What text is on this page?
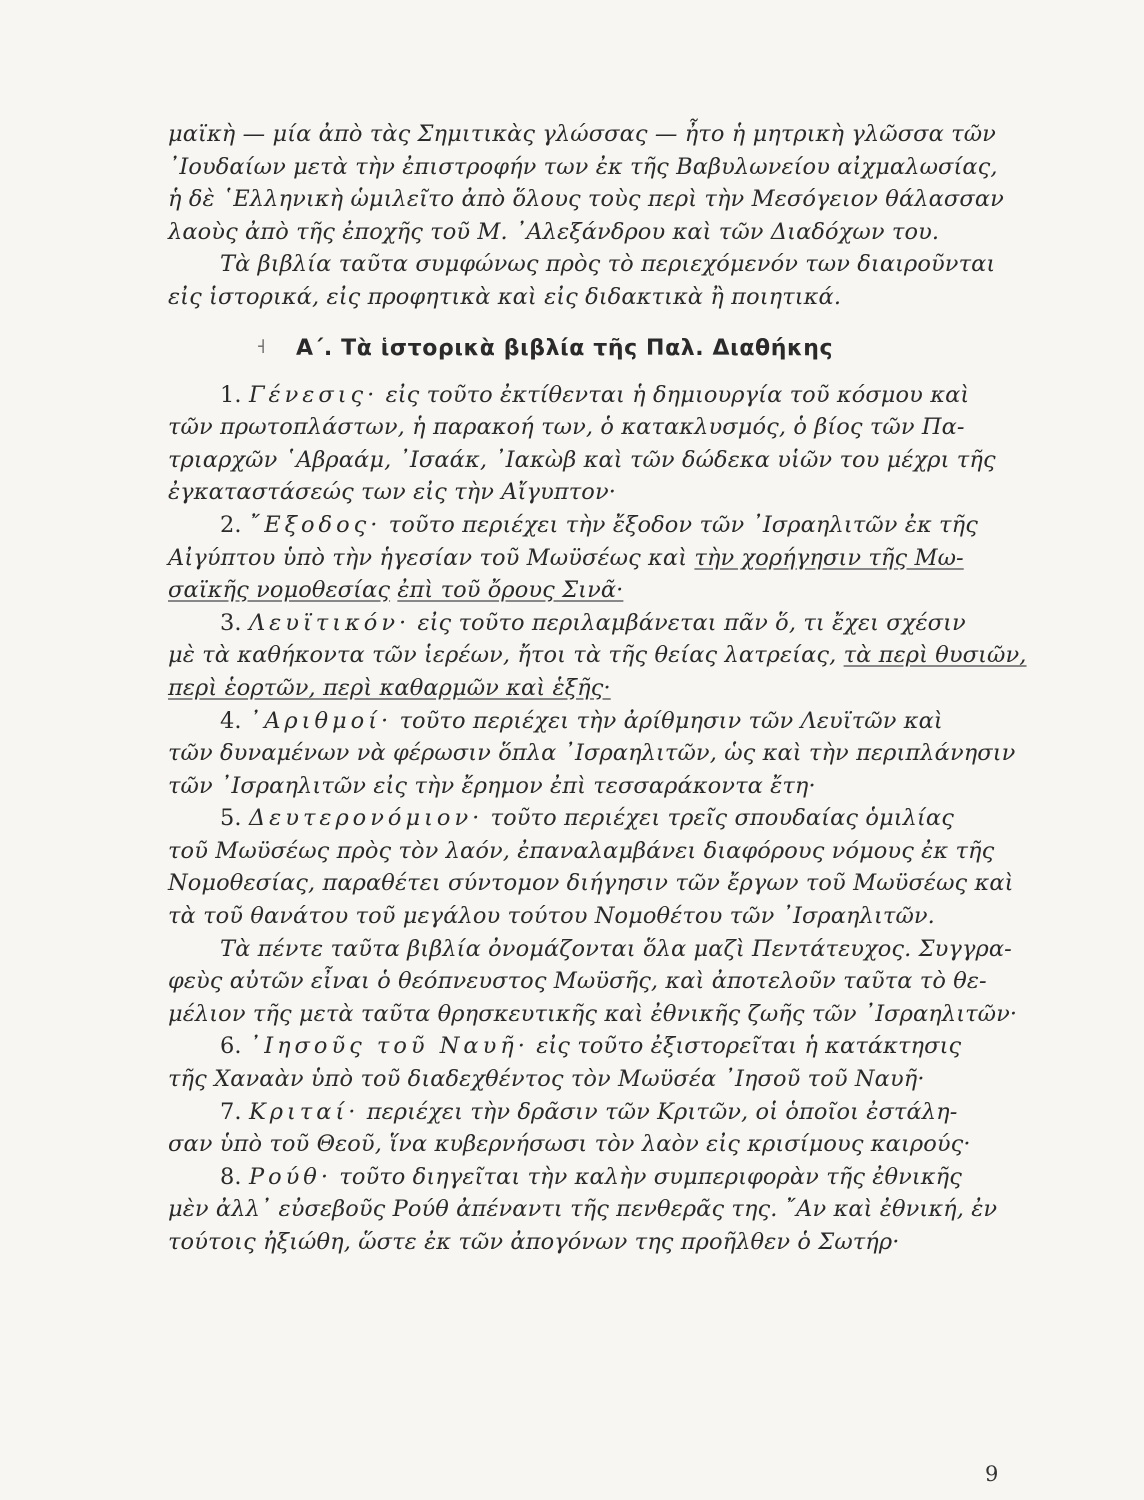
μαϊκὴ — μία ἀπὸ τὰς Σημιτικὰς γλώσσας — ἦτο ἡ μητρικὴ γλῶσσα τῶν
᾽Ιουδαίων μετὰ τὴν ἐπιστροφήν των ἐκ τῆς Βαβυλωνείου αἰχμαλωσίας,
ἡ δὲ ῾Ελληνικὴ ὡμιλεῖτο ἀπὸ ὅλους τοὺς περὶ τὴν Μεσόγειον θάλασσαν
λαοὺς ἀπὸ τῆς ἐποχῆς τοῦ Μ. ᾽Αλεξάνδρου καὶ τῶν Διαδόχων του.
Τὰ βιβλία ταῦτα συμφώνως πρὸς τὸ περιεχόμενόν των διαιροῦνται
εἰς ἱστορικά, εἰς προφητικὰ καὶ εἰς διδακτικὰ ἢ ποιητικά.
˧ Α΄. Τὰ ἱστορικὰ βιβλία τῆς Παλ. Διαθήκης
1. Γένεσις· εἰς τοῦτο ἐκτίθενται ἡ δημιουργία τοῦ κόσμου καὶ
τῶν πρωτοπλάστων, ἡ παρακοή των, ὁ κατακλυσμός, ὁ βίος τῶν Πα-
τριαρχῶν ῾Αβραάμ, ᾽Ισαάκ, ᾽Ιακὼβ καὶ τῶν δώδεκα υἱῶν του μέχρι τῆς
ἐγκαταστάσεώς των εἰς τὴν Αἴγυπτον·
2. ῎Εξοδος· τοῦτο περιέχει τὴν ἔξοδον τῶν ᾽Ισραηλιτῶν ἐκ τῆς
Αἰγύπτου ὑπὸ τὴν ἡγεσίαν τοῦ Μωϋσέως καὶ τὴν χορήγησιν τῆς Μω-
σαϊκῆς νομοθεσίας ἐπὶ τοῦ ὄρους Σινᾶ·
3. Λευϊτικόν· εἰς τοῦτο περιλαμβάνεται πᾶν ὅ, τι ἔχει σχέσιν
μὲ τὰ καθήκοντα τῶν ἱερέων, ἤτοι τὰ τῆς θείας λατρείας, τὰ περὶ θυσιῶν,
περὶ ἑορτῶν, περὶ καθαρμῶν καὶ ἑξῆς·
4. ᾽Αριθμοί· τοῦτο περιέχει τὴν ἀρίθμησιν τῶν Λευϊτῶν καὶ
τῶν δυναμένων νὰ φέρωσιν ὅπλα ᾽Ισραηλιτῶν, ὡς καὶ τὴν περιπλάνησιν
τῶν ᾽Ισραηλιτῶν εἰς τὴν ἔρημον ἐπὶ τεσσαράκοντα ἔτη·
5. Δευτερονόμιον· τοῦτο περιέχει τρεῖς σπουδαίας ὁμιλίας
τοῦ Μωϋσέως πρὸς τὸν λαόν, ἐπαναλαμβάνει διαφόρους νόμους ἐκ τῆς
Νομοθεσίας, παραθέτει σύντομον διήγησιν τῶν ἔργων τοῦ Μωϋσέως καὶ
τὰ τοῦ θανάτου τοῦ μεγάλου τούτου Νομοθέτου τῶν ᾽Ισραηλιτῶν.
Τὰ πέντε ταῦτα βιβλία ὀνομάζονται ὅλα μαζὶ Πεντάτευχος. Συγγρα-
φεὺς αὐτῶν εἶναι ὁ θεόπνευστος Μωϋσῆς, καὶ ἀποτελοῦν ταῦτα τὸ θε-
μέλιον τῆς μετὰ ταῦτα θρησκευτικῆς καὶ ἐθνικῆς ζωῆς τῶν ᾽Ισραηλιτῶν·
6. ᾽Ιησοῦς τοῦ Ναυῆ· εἰς τοῦτο ἐξιστορεῖται ἡ κατάκτησις
τῆς Χαναὰν ὑπὸ τοῦ διαδεχθέντος τὸν Μωϋσέα ᾽Ιησοῦ τοῦ Ναυῆ·
7. Κριταί· περιέχει τὴν δρᾶσιν τῶν Κριτῶν, οἱ ὁποῖοι ἐστάλη-
σαν ὑπὸ τοῦ Θεοῦ, ἵνα κυβερνήσωσι τὸν λαὸν εἰς κρισίμους καιρούς·
8. Ρούθ· τοῦτο διηγεῖται τὴν καλὴν συμπεριφορὰν τῆς ἐθνικῆς
μὲν ἀλλ᾽ εὐσεβοῦς Ρούθ ἀπέναντι τῆς πενθερᾶς της. ῎Αν καὶ ἐθνική, ἐν
τούτοις ἠξιώθη, ὥστε ἐκ τῶν ἀπογόνων της προῆλθεν ὁ Σωτήρ·
9
